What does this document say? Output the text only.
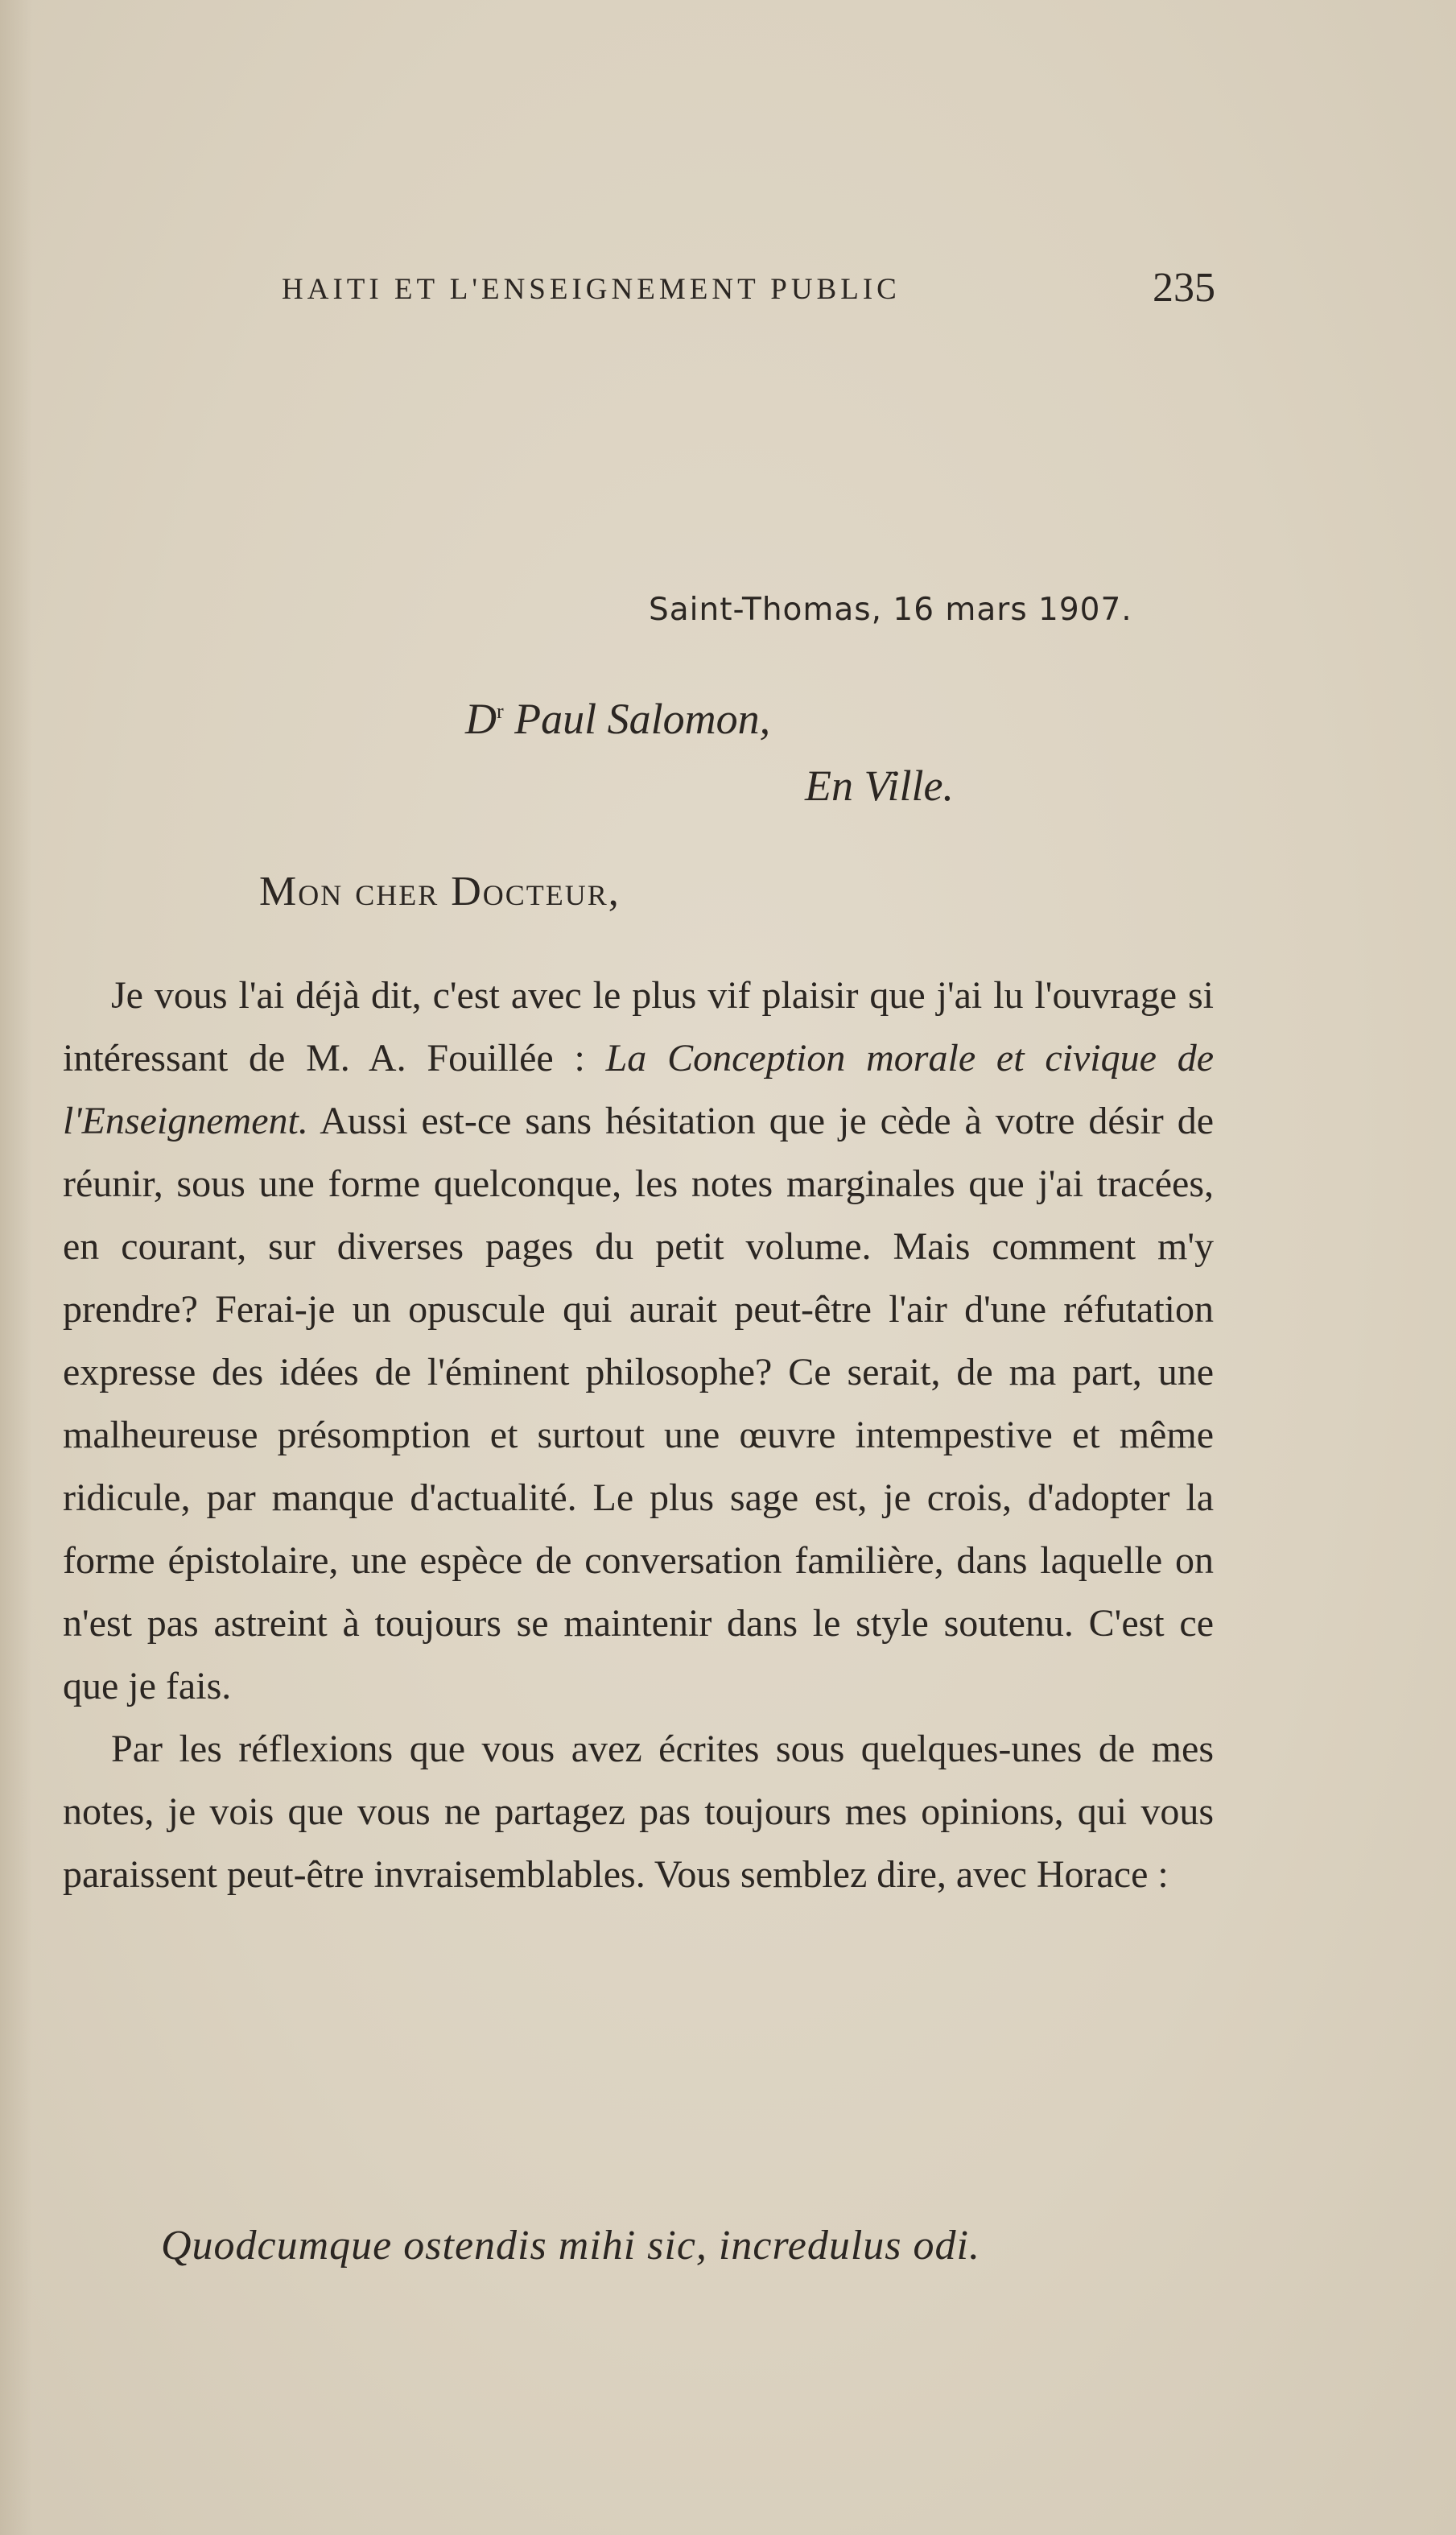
HAITI ET L'ENSEIGNEMENT PUBLIC	235
Saint-Thomas, 16 mars 1907.
$D^r$ Paul Salomon,
En Ville.
Mon cher Docteur,

Je vous l'ai déjà dit, c'est avec le plus vif plaisir que j'ai lu l'ouvrage si intéressant de M. A. Fouillée : La Conception morale et civique de l'Enseignement. Aussi est-ce sans hésitation que je cède à votre désir de réunir, sous une forme quelconque, les notes marginales que j'ai tracées, en courant, sur diverses pages du petit volume. Mais comment m'y prendre? Ferai-je un opuscule qui aurait peut-être l'air d'une réfutation expresse des idées de l'éminent philosophe? Ce serait, de ma part, une malheureuse présomption et surtout une œuvre intempestive et même ridicule, par manque d'actualité. Le plus sage est, je crois, d'adopter la forme épistolaire, une espèce de conversation familière, dans laquelle on n'est pas astreint à toujours se maintenir dans le style soutenu. C'est ce que je fais.

Par les réflexions que vous avez écrites sous quelques-unes de mes notes, je vois que vous ne partagez pas toujours mes opinions, qui vous paraissent peut-être invraisemblables. Vous semblez dire, avec Horace :

Quodcumque ostendis mihi sic, incredulus odi.
